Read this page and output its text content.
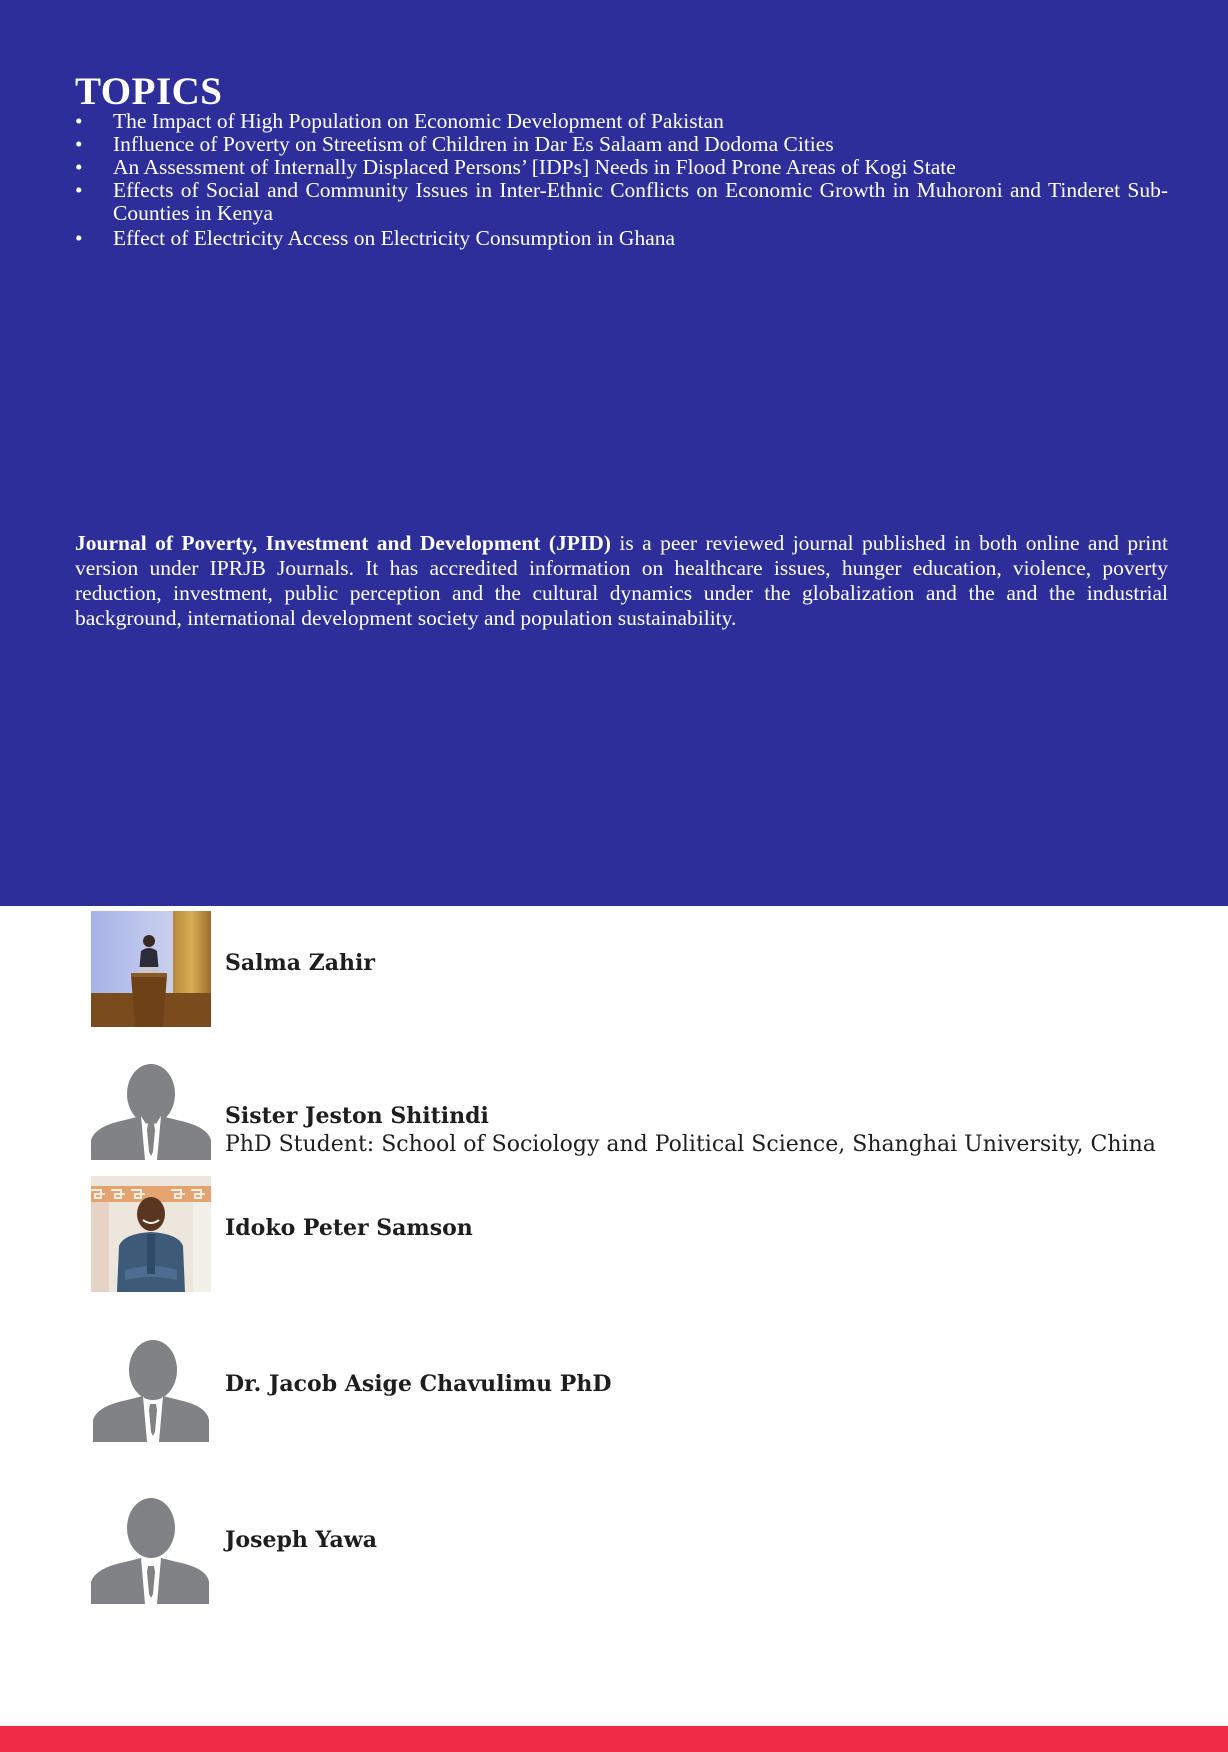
TOPICS
• The Impact of High Population on Economic Development of Pakistan
• Influence of Poverty on Streetism of Children in Dar Es Salaam and Dodoma Cities
• An Assessment of Internally Displaced Persons’ [IDPs] Needs in Flood Prone Areas of Kogi State
• Effects of Social and Community Issues in Inter-Ethnic Conflicts on Economic Growth in Muhoroni and Tinderet Sub-Counties in Kenya
• Effect of Electricity Access on Electricity Consumption in Ghana

Journal of Poverty, Investment and Development (JPID) is a peer reviewed journal published in both online and print version under IPRJB Journals. It has accredited information on healthcare issues, hunger education, violence, poverty reduction, investment, public perception and the cultural dynamics under the globalization and the and the industrial background, international development society and population sustainability.

Salma Zahir
Sister Jeston Shitindi
PhD Student: School of Sociology and Political Science, Shanghai University, China
Idoko Peter Samson
Dr. Jacob Asige Chavulimu PhD
Joseph Yawa
